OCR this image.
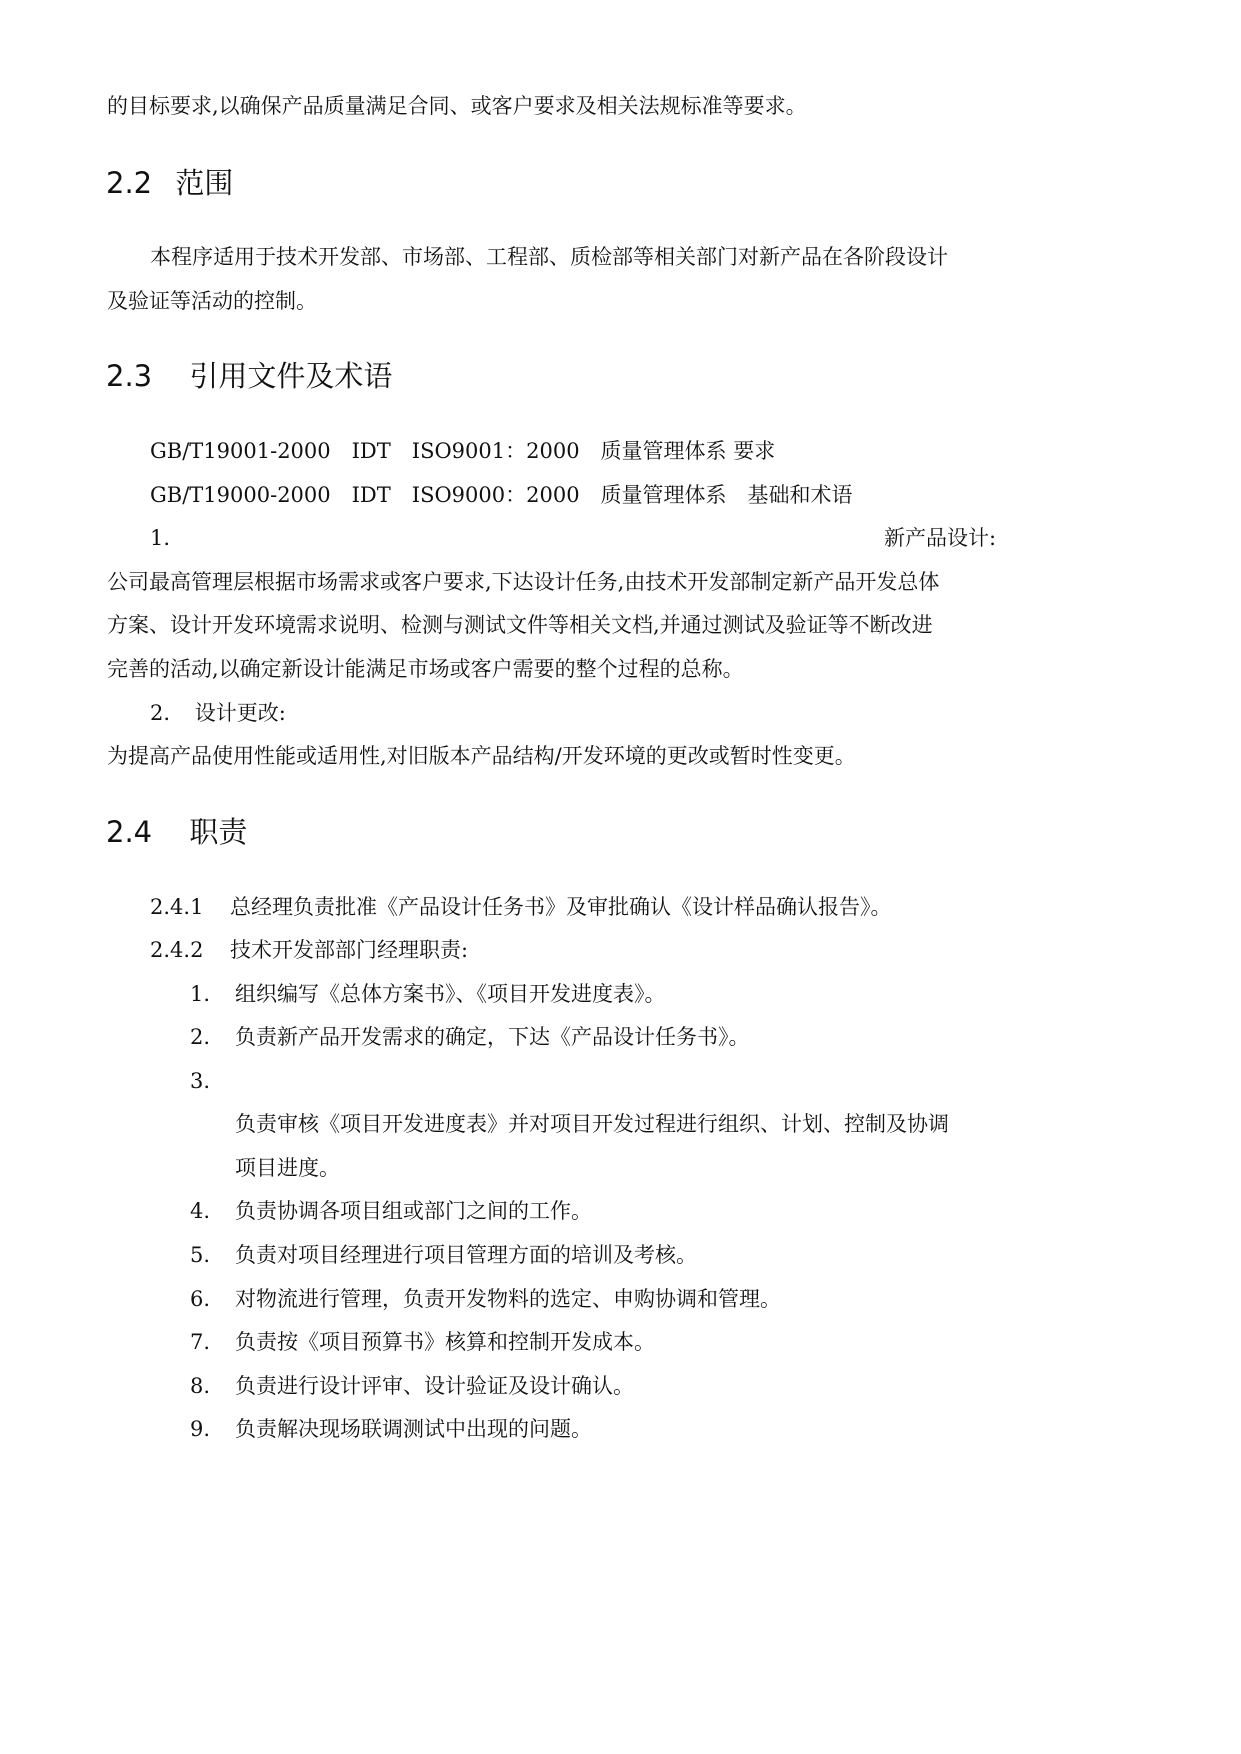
的目标要求,以确保产品质量满足合同、或客户要求及相关法规标准等要求。
2.2 范围
本程序适用于技术开发部、市场部、工程部、质检部等相关部门对新产品在各阶段设计
及验证等活动的控制。
2.3 引用文件及术语
GB/T19001-2000　IDT　ISO9001：2000　质量管理体系 要求
GB/T19000-2000　IDT　ISO9000：2000　质量管理体系　基础和术语
1.	新产品设计:
公司最高管理层根据市场需求或客户要求,下达设计任务,由技术开发部制定新产品开发总体
方案、设计开发环境需求说明、检测与测试文件等相关文档,并通过测试及验证等不断改进
完善的活动,以确定新设计能满足市场或客户需要的整个过程的总称。
2. 设计更改:
为提高产品使用性能或适用性,对旧版本产品结构/开发环境的更改或暂时性变更。
2.4 职责
2.4.1 总经理负责批准《产品设计任务书》及审批确认《设计样品确认报告》。
2.4.2 技术开发部部门经理职责:
1. 组织编写《总体方案书》、《项目开发进度表》。
2. 负责新产品开发需求的确定，下达《产品设计任务书》。
3.
负责审核《项目开发进度表》并对项目开发过程进行组织、计划、控制及协调
项目进度。
4. 负责协调各项目组或部门之间的工作。
5. 负责对项目经理进行项目管理方面的培训及考核。
6. 对物流进行管理，负责开发物料的选定、申购协调和管理。
7. 负责按《项目预算书》核算和控制开发成本。
8. 负责进行设计评审、设计验证及设计确认。
9. 负责解决现场联调测试中出现的问题。
